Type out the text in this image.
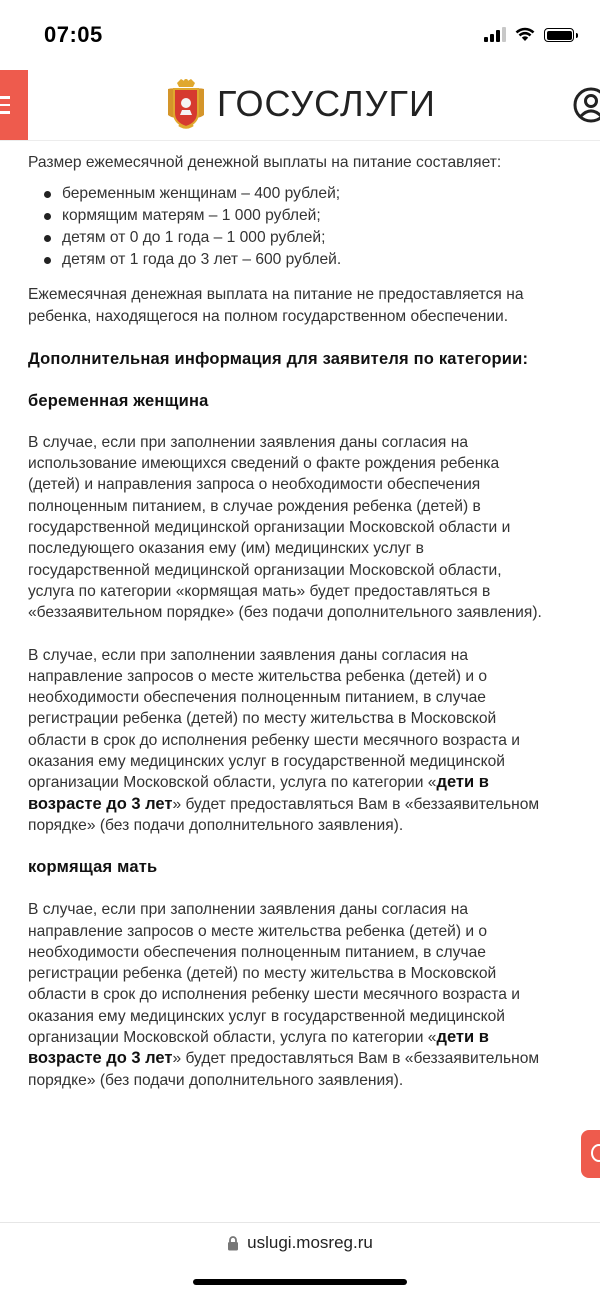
07:05
ГОСУСЛУГИ

Размер ежемесячной денежной выплаты на питание составляет:

беременным женщинам – 400 рублей;
кормящим матерям – 1 000 рублей;
детям от 0 до 1 года – 1 000 рублей;
детям от 1 года до 3 лет – 600 рублей.

Ежемесячная денежная выплата на питание не предоставляется на ребенка, находящегося на полном государственном обеспечении.

Дополнительная информация для заявителя по категории:

беременная женщина

В случае, если при заполнении заявления даны согласия на использование имеющихся сведений о факте рождения ребенка (детей) и направления запроса о необходимости обеспечения полноценным питанием, в случае рождения ребенка (детей) в государственной медицинской организации Московской области и последующего оказания ему (им) медицинских услуг в государственной медицинской организации Московской области, услуга по категории «кормящая мать» будет предоставляться в «беззаявительном порядке» (без подачи дополнительного заявления).

В случае, если при заполнении заявления даны согласия на направление запросов о месте жительства ребенка (детей) и о необходимости обеспечения полноценным питанием, в случае регистрации ребенка (детей) по месту жительства в Московской области в срок до исполнения ребенку шести месячного возраста и оказания ему медицинских услуг в государственной медицинской организации Московской области, услуга по категории «дети в возрасте до 3 лет» будет предоставляться Вам в «беззаявительном порядке» (без подачи дополнительного заявления).

кормящая мать

В случае, если при заполнении заявления даны согласия на направление запросов о месте жительства ребенка (детей) и о необходимости обеспечения полноценным питанием, в случае регистрации ребенка (детей) по месту жительства в Московской области в срок до исполнения ребенку шести месячного возраста и оказания ему медицинских услуг в государственной медицинской организации Московской области, услуга по категории «дети в возрасте до 3 лет» будет предоставляться Вам в «беззаявительном порядке» (без подачи дополнительного заявления).

uslugi.mosreg.ru
